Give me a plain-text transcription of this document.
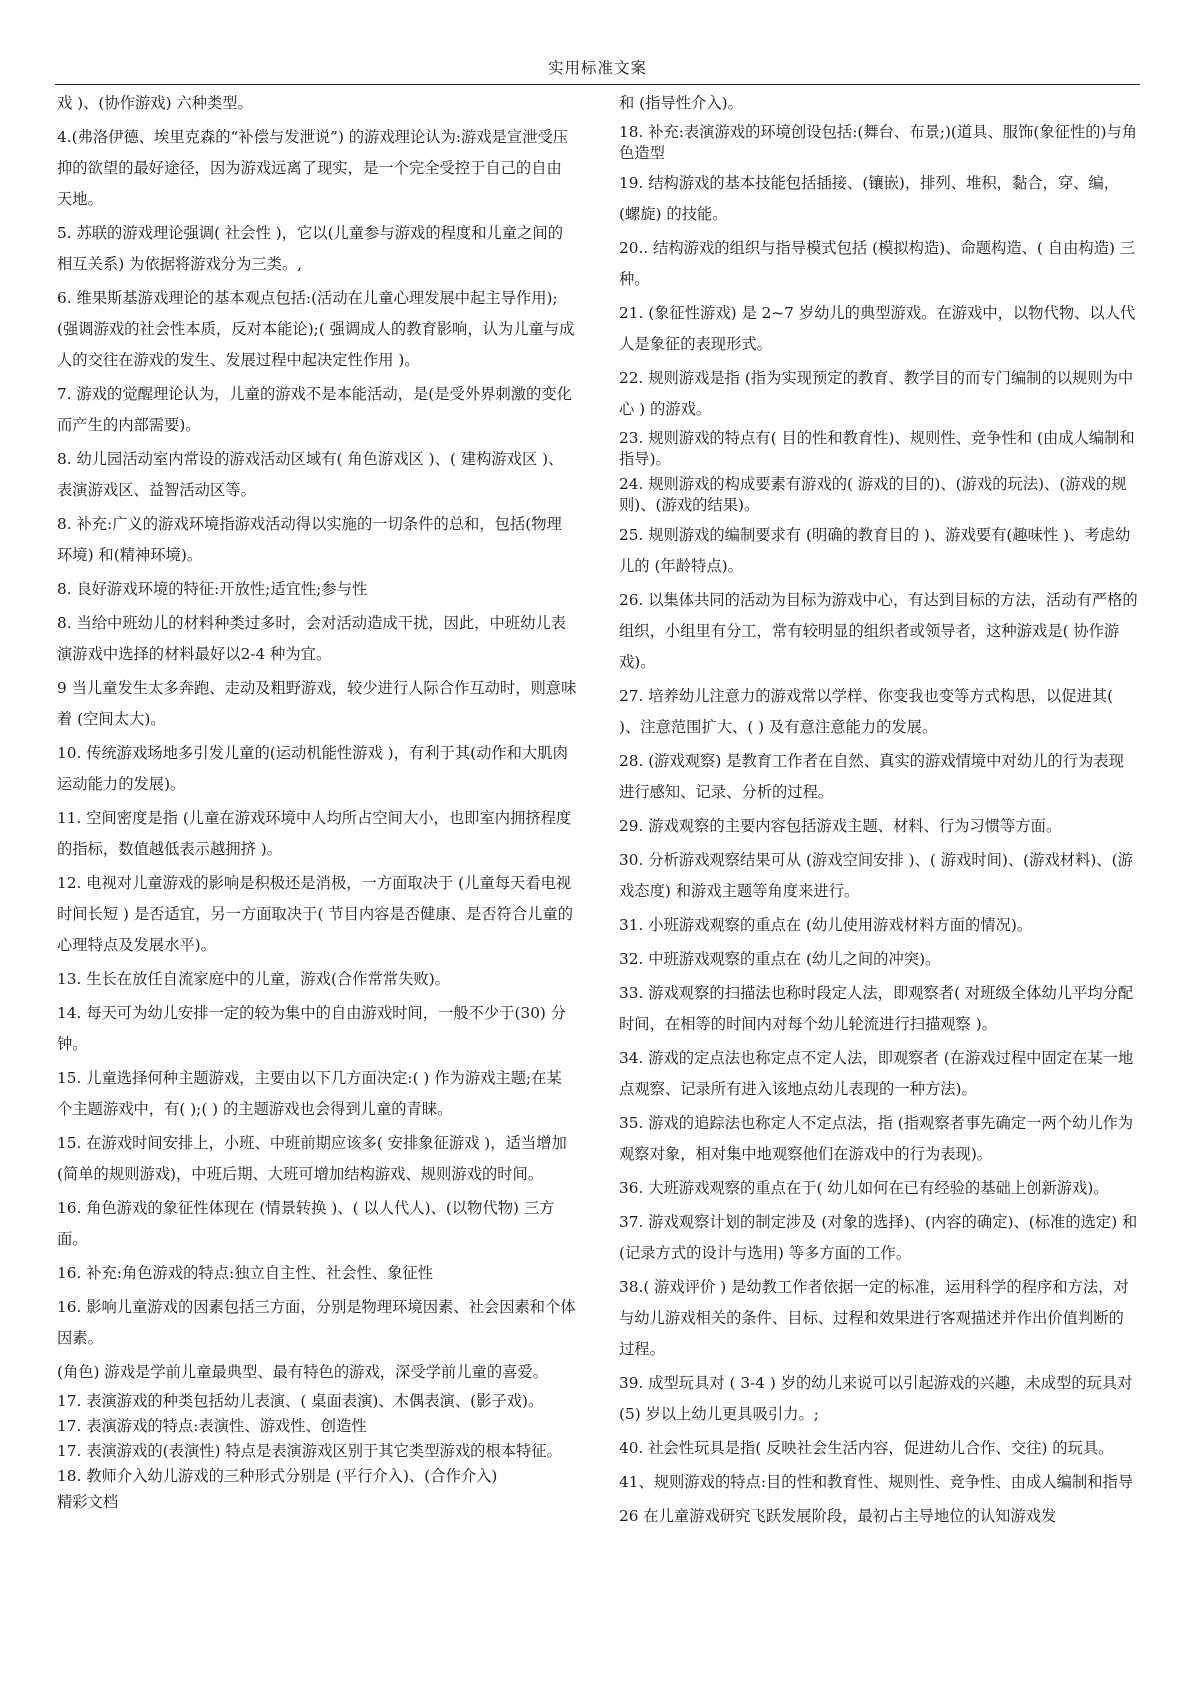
实用标准文案

戏 )、(协作游戏) 六种类型。

4.(弗洛伊德、埃里克森的“补偿与发泄说”) 的游戏理论认为:游戏是宣泄受压抑的欲望的最好途径，因为游戏远离了现实，是一个完全受控于自己的自由天地。

5. 苏联的游戏理论强调( 社会性 )，它以(儿童参与游戏的程度和儿童之间的相互关系) 为依据将游戏分为三类。,

6. 维果斯基游戏理论的基本观点包括:(活动在儿童心理发展中起主导作用);(强调游戏的社会性本质，反对本能论);( 强调成人的教育影响，认为儿童与成人的交往在游戏的发生、发展过程中起决定性作用 )。

7. 游戏的觉醒理论认为，儿童的游戏不是本能活动，是(是受外界刺激的变化而产生的内部需要)。

8. 幼儿园活动室内常设的游戏活动区域有( 角色游戏区 )、( 建构游戏区 )、表演游戏区、益智活动区等。

8. 补充:广义的游戏环境指游戏活动得以实施的一切条件的总和，包括(物理环境) 和(精神环境)。

8. 良好游戏环境的特征:开放性;适宜性;参与性

8. 当给中班幼儿的材料种类过多时，会对活动造成干扰，因此，中班幼儿表演游戏中选择的材料最好以2-4 种为宜。

9 当儿童发生太多奔跑、走动及粗野游戏，较少进行人际合作互动时，则意味着 (空间太大)。

10. 传统游戏场地多引发儿童的(运动机能性游戏 )，有利于其(动作和大肌肉运动能力的发展)。

11. 空间密度是指 (儿童在游戏环境中人均所占空间大小，也即室内拥挤程度的指标，数值越低表示越拥挤 )。

12. 电视对儿童游戏的影响是积极还是消极，一方面取决于 (儿童每天看电视时间长短 ) 是否适宜，另一方面取决于( 节目内容是否健康、是否符合儿童的心理特点及发展水平)。

13. 生长在放任自流家庭中的儿童，游戏(合作常常失败)。

14. 每天可为幼儿安排一定的较为集中的自由游戏时间，一般不少于(30) 分钟。

15. 儿童选择何种主题游戏，主要由以下几方面决定:( ) 作为游戏主题;在某个主题游戏中，有( );( ) 的主题游戏也会得到儿童的青睐。

15. 在游戏时间安排上，小班、中班前期应该多( 安排象征游戏 )，适当增加 (简单的规则游戏)，中班后期、大班可增加结构游戏、规则游戏的时间。

16. 角色游戏的象征性体现在 (情景转换 )、( 以人代人)、(以物代物) 三方面。

16. 补充:角色游戏的特点:独立自主性、社会性、象征性

16. 影响儿童游戏的因素包括三方面，分别是物理环境因素、社会因素和个体因素。

(角色) 游戏是学前儿童最典型、最有特色的游戏，深受学前儿童的喜爱。

17. 表演游戏的种类包括幼儿表演、( 桌面表演)、木偶表演、(影子戏)。

17. 表演游戏的特点:表演性、游戏性、创造性

17. 表演游戏的(表演性) 特点是表演游戏区别于其它类型游戏的根本特征。

18. 教师介入幼儿游戏的三种形式分别是 (平行介入)、(合作介入)

精彩文档

和 (指导性介入)。

18. 补充:表演游戏的环境创设包括:(舞台、布景;)(道具、服饰(象征性的)与角色造型

19. 结构游戏的基本技能包括插接、(镶嵌)，排列、堆积，黏合，穿、编，(螺旋) 的技能。

20.. 结构游戏的组织与指导模式包括 (模拟构造)、命题构造、( 自由构造) 三种。

21. (象征性游戏) 是 2~7 岁幼儿的典型游戏。在游戏中，以物代物、以人代人是象征的表现形式。

22. 规则游戏是指 (指为实现预定的教育、教学目的而专门编制的以规则为中心 ) 的游戏。

23. 规则游戏的特点有( 目的性和教育性)、规则性、竞争性和 (由成人编制和指导)。

24. 规则游戏的构成要素有游戏的( 游戏的目的)、(游戏的玩法)、(游戏的规则)、(游戏的结果)。

25. 规则游戏的编制要求有 (明确的教育目的 )、游戏要有(趣味性 )、考虑幼儿的 (年龄特点)。

26. 以集体共同的活动为目标为游戏中心，有达到目标的方法，活动有严格的组织，小组里有分工，常有较明显的组织者或领导者，这种游戏是( 协作游戏)。

27. 培养幼儿注意力的游戏常以学样、你变我也变等方式构思，以促进其( )、注意范围扩大、( ) 及有意注意能力的发展。

28. (游戏观察) 是教育工作者在自然、真实的游戏情境中对幼儿的行为表现进行感知、记录、分析的过程。

29. 游戏观察的主要内容包括游戏主题、材料、行为习惯等方面。

30. 分析游戏观察结果可从 (游戏空间安排 )、( 游戏时间)、(游戏材料)、(游戏态度) 和游戏主题等角度来进行。

31. 小班游戏观察的重点在 (幼儿使用游戏材料方面的情况)。

32. 中班游戏观察的重点在 (幼儿之间的冲突)。

33. 游戏观察的扫描法也称时段定人法，即观察者( 对班级全体幼儿平均分配时间，在相等的时间内对每个幼儿轮流进行扫描观察 )。

34. 游戏的定点法也称定点不定人法，即观察者 (在游戏过程中固定在某一地点观察、记录所有进入该地点幼儿表现的一种方法)。

35. 游戏的追踪法也称定人不定点法，指 (指观察者事先确定一两个幼儿作为观察对象，相对集中地观察他们在游戏中的行为表现)。

36. 大班游戏观察的重点在于( 幼儿如何在已有经验的基础上创新游戏)。

37. 游戏观察计划的制定涉及 (对象的选择)、(内容的确定)、(标准的选定) 和 (记录方式的设计与选用) 等多方面的工作。

38.( 游戏评价 ) 是幼教工作者依据一定的标准，运用科学的程序和方法，对与幼儿游戏相关的条件、目标、过程和效果进行客观描述并作出价值判断的过程。

39. 成型玩具对 ( 3-4 ) 岁的幼儿来说可以引起游戏的兴趣，未成型的玩具对 (5) 岁以上幼儿更具吸引力。;

40. 社会性玩具是指( 反映社会生活内容，促进幼儿合作、交往) 的玩具。

41、规则游戏的特点:目的性和教育性、规则性、竞争性、由成人编制和指导

26 在儿童游戏研究飞跃发展阶段，最初占主导地位的认知游戏发
